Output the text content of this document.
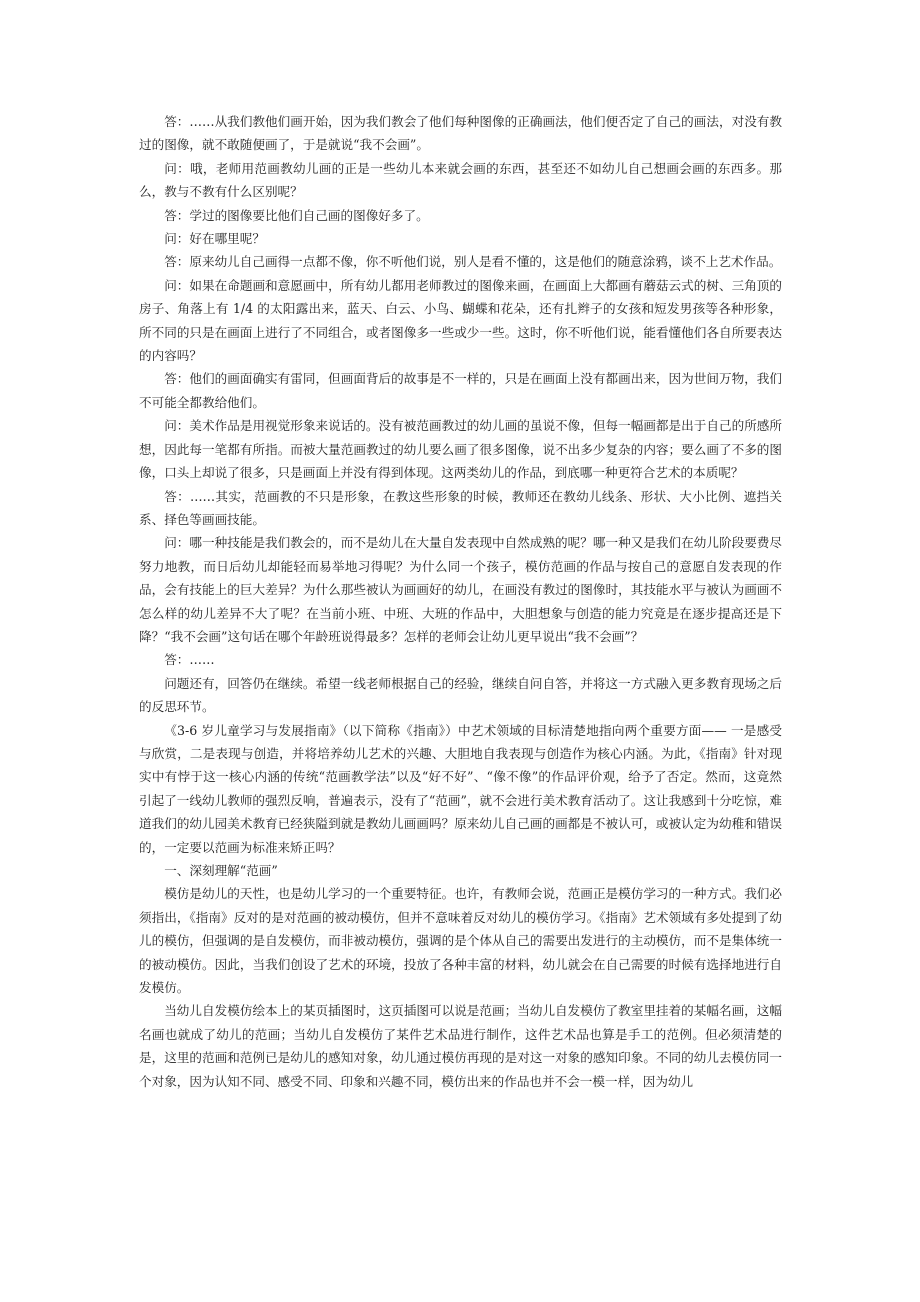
答：……从我们教他们画开始，因为我们教会了他们每种图像的正确画法，他们便否定了自己的画法，对没有教过的图像，就不敢随便画了，于是就说“我不会画”。

问：哦，老师用范画教幼儿画的正是一些幼儿本来就会画的东西，甚至还不如幼儿自己想画会画的东西多。那么，教与不教有什么区别呢？

答：学过的图像要比他们自己画的图像好多了。

问：好在哪里呢？

答：原来幼儿自己画得一点都不像，你不听他们说，别人是看不懂的，这是他们的随意涂鸦，谈不上艺术作品。

问：如果在命题画和意愿画中，所有幼儿都用老师教过的图像来画，在画面上大都画有蘑菇云式的树、三角顶的房子、角落上有 1/4 的太阳露出来，蓝天、白云、小鸟、蝴蝶和花朵，还有扎辫子的女孩和短发男孩等各种形象，所不同的只是在画面上进行了不同组合，或者图像多一些或少一些。这时，你不听他们说，能看懂他们各自所要表达的内容吗？

答：他们的画面确实有雷同，但画面背后的故事是不一样的，只是在画面上没有都画出来，因为世间万物，我们不可能全都教给他们。

问：美术作品是用视觉形象来说话的。没有被范画教过的幼儿画的虽说不像，但每一幅画都是出于自己的所感所想，因此每一笔都有所指。而被大量范画教过的幼儿要么画了很多图像，说不出多少复杂的内容；要么画了不多的图像，口头上却说了很多，只是画面上并没有得到体现。这两类幼儿的作品，到底哪一种更符合艺术的本质呢？

答：……其实，范画教的不只是形象，在教这些形象的时候，教师还在教幼儿线条、形状、大小比例、遮挡关系、择色等画画技能。

问：哪一种技能是我们教会的，而不是幼儿在大量自发表现中自然成熟的呢？哪一种又是我们在幼儿阶段要费尽努力地教，而日后幼儿却能轻而易举地习得呢？为什么同一个孩子，模仿范画的作品与按自己的意愿自发表现的作品，会有技能上的巨大差异？为什么那些被认为画画好的幼儿，在画没有教过的图像时，其技能水平与被认为画画不怎么样的幼儿差异不大了呢？在当前小班、中班、大班的作品中，大胆想象与创造的能力究竟是在逐步提高还是下降？“我不会画”这句话在哪个年龄班说得最多？怎样的老师会让幼儿更早说出“我不会画”？

答：……

问题还有，回答仍在继续。希望一线老师根据自己的经验，继续自问自答，并将这一方式融入更多教育现场之后的反思环节。

《3-6 岁儿童学习与发展指南》（以下简称《指南》）中艺术领域的目标清楚地指向两个重要方面—— 一是感受与欣赏，二是表现与创造，并将培养幼儿艺术的兴趣、大胆地自我表现与创造作为核心内涵。为此，《指南》针对现实中有悖于这一核心内涵的传统“范画教学法”以及“好不好”、“像不像”的作品评价观，给予了否定。然而，这竟然引起了一线幼儿教师的强烈反响，普遍表示，没有了“范画”，就不会进行美术教育活动了。这让我感到十分吃惊，难道我们的幼儿园美术教育已经狭隘到就是教幼儿画画吗？原来幼儿自己画的画都是不被认可，或被认定为幼稚和错误的，一定要以范画为标准来矫正吗？

一、深刻理解“范画”

模仿是幼儿的天性，也是幼儿学习的一个重要特征。也许，有教师会说，范画正是模仿学习的一种方式。我们必须指出，《指南》反对的是对范画的被动模仿，但并不意味着反对幼儿的模仿学习。《指南》艺术领域有多处提到了幼儿的模仿，但强调的是自发模仿，而非被动模仿，强调的是个体从自己的需要出发进行的主动模仿，而不是集体统一的被动模仿。因此，当我们创设了艺术的环境，投放了各种丰富的材料，幼儿就会在自己需要的时候有选择地进行自发模仿。

当幼儿自发模仿绘本上的某页插图时，这页插图可以说是范画；当幼儿自发模仿了教室里挂着的某幅名画，这幅名画也就成了幼儿的范画；当幼儿自发模仿了某件艺术品进行制作，这件艺术品也算是手工的范例。但必须清楚的是，这里的范画和范例已是幼儿的感知对象，幼儿通过模仿再现的是对这一对象的感知印象。不同的幼儿去模仿同一个对象，因为认知不同、感受不同、印象和兴趣不同，模仿出来的作品也并不会一模一样，因为幼儿
